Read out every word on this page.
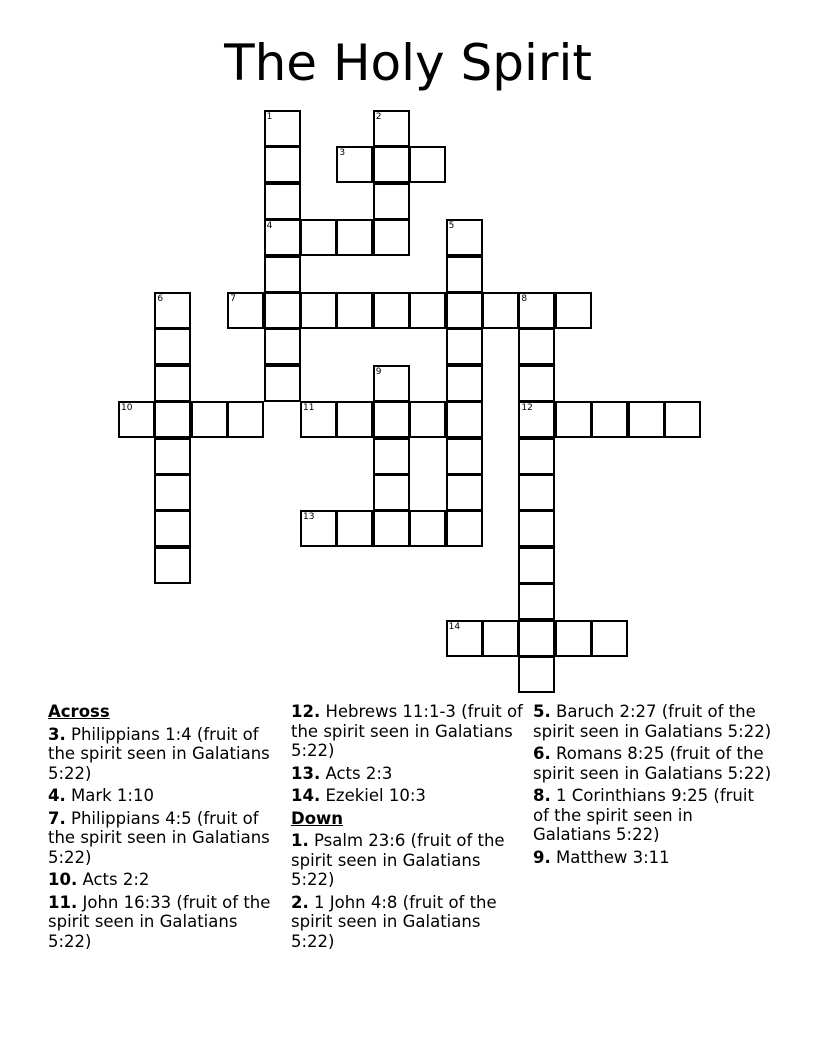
The Holy Spirit
1	2
3
4	5
6	7	8
9
10	11	12
13
14
Across
3. Philippians 1:4 (fruit of the spirit seen in Galatians 5:22)
4. Mark 1:10
7. Philippians 4:5 (fruit of the spirit seen in Galatians 5:22)
10. Acts 2:2
11. John 16:33 (fruit of the spirit seen in Galatians 5:22)
12. Hebrews 11:1-3 (fruit of the spirit seen in Galatians 5:22)
13. Acts 2:3
14. Ezekiel 10:3
Down
1. Psalm 23:6 (fruit of the spirit seen in Galatians 5:22)
2. 1 John 4:8 (fruit of the spirit seen in Galatians 5:22)
5. Baruch 2:27 (fruit of the spirit seen in Galatians 5:22)
6. Romans 8:25 (fruit of the spirit seen in Galatians 5:22)
8. 1 Corinthians 9:25 (fruit of the spirit seen in Galatians 5:22)
9. Matthew 3:11
